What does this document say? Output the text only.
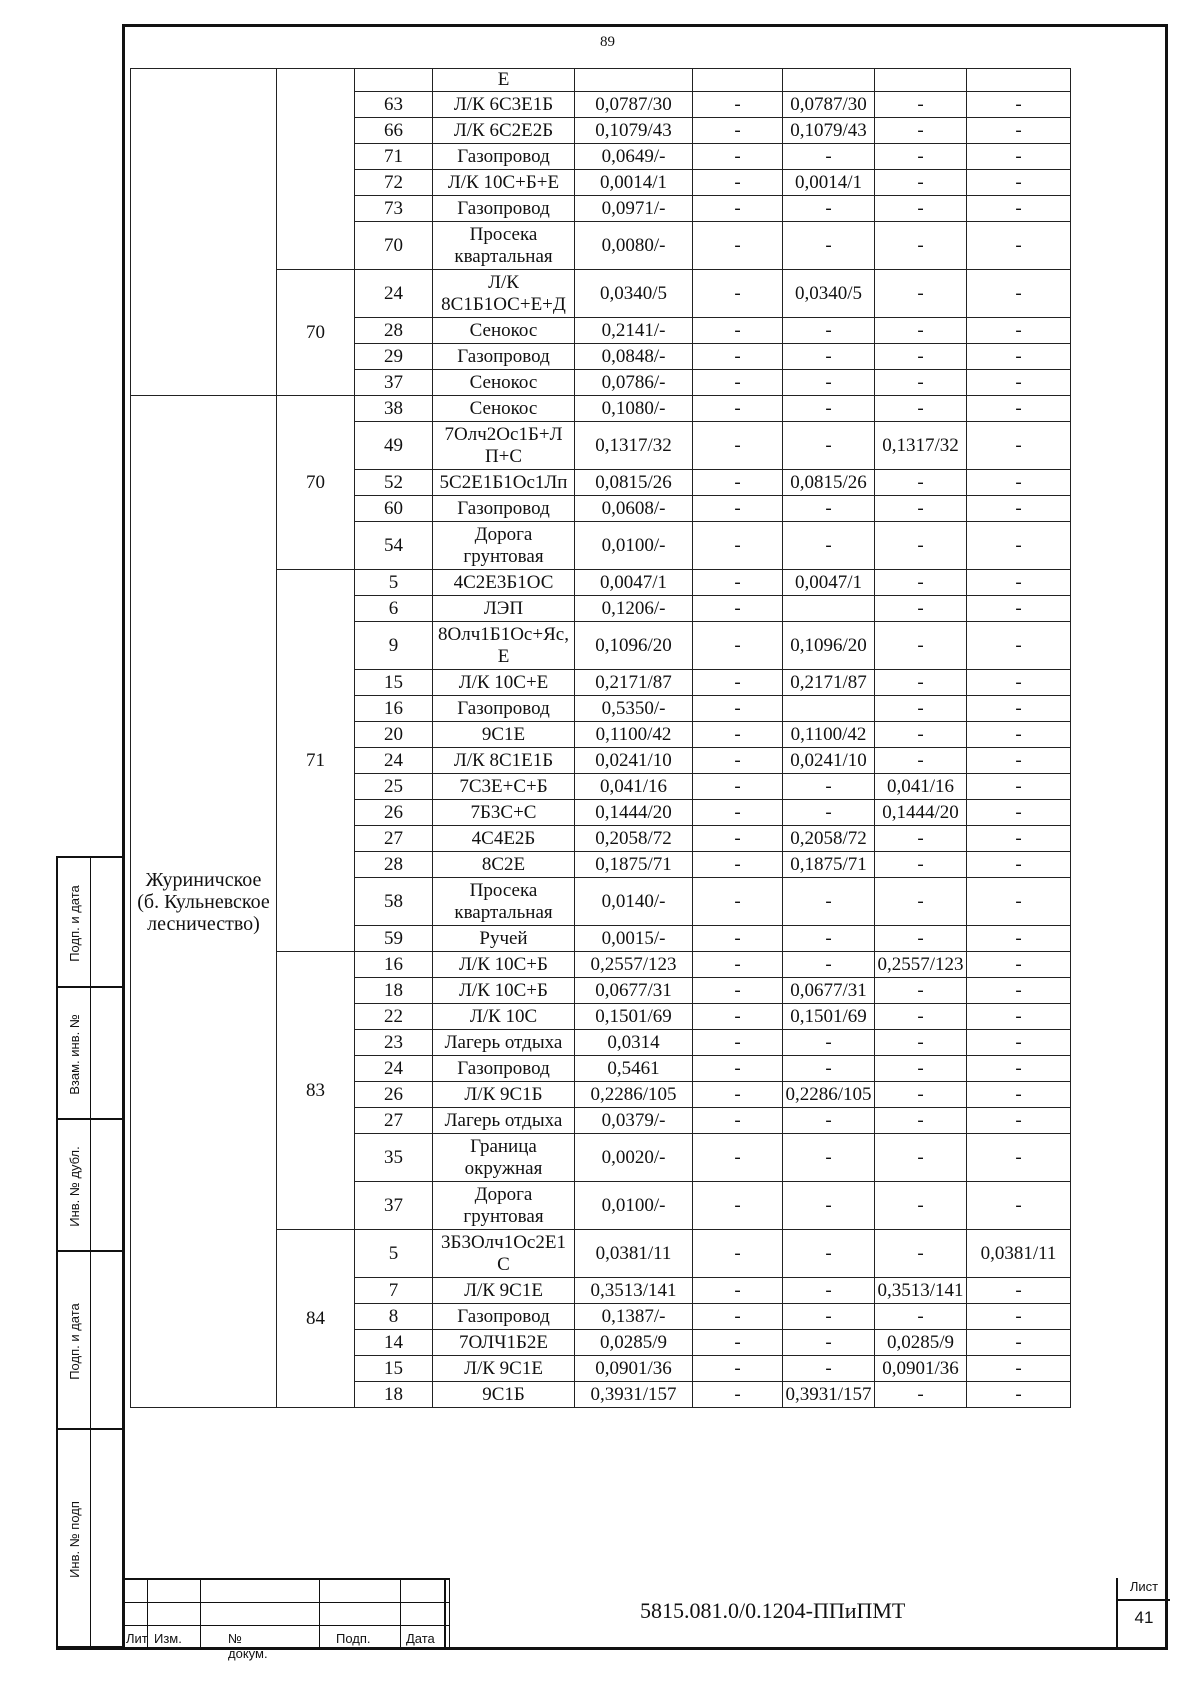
89
			Е					
		63	Л/К 6С3Е1Б	0,0787/30	-	0,0787/30	-	-
		66	Л/К 6С2Е2Б	0,1079/43	-	0,1079/43	-	-
		71	Газопровод	0,0649/-	-	-	-	-
		72	Л/К 10С+Б+Е	0,0014/1	-	0,0014/1	-	-
		73	Газопровод	0,0971/-	-	-	-	-
		70	Просека квартальная	0,0080/-	-	-	-	-
	70	24	Л/К 8С1Б1ОС+Е+Д	0,0340/5	-	0,0340/5	-	-
		28	Сенокос	0,2141/-	-	-	-	-
		29	Газопровод	0,0848/-	-	-	-	-
		37	Сенокос	0,0786/-	-	-	-	-
Журиничское (б. Кульневское лесничество)	70	38	Сенокос	0,1080/-	-	-	-	-
		49	7Олч2Ос1Б+Л П+С	0,1317/32	-	-	0,1317/32	-
		52	5С2Е1Б1Ос1Лп	0,0815/26	-	0,0815/26	-	-
		60	Газопровод	0,0608/-	-	-	-	-
		54	Дорога грунтовая	0,0100/-	-	-	-	-
	71	5	4С2Е3Б1ОС	0,0047/1	-	0,0047/1	-	-
		6	ЛЭП	0,1206/-	-		-	-
		9	8Олч1Б1Ос+Яс, Е	0,1096/20	-	0,1096/20	-	-
		15	Л/К 10С+Е	0,2171/87	-	0,2171/87	-	-
		16	Газопровод	0,5350/-	-		-	-
		20	9С1Е	0,1100/42	-	0,1100/42	-	-
		24	Л/К 8С1Е1Б	0,0241/10	-	0,0241/10	-	-
		25	7С3Е+С+Б	0,041/16	-	-	0,041/16	-
		26	7Б3С+С	0,1444/20	-	-	0,1444/20	-
		27	4С4Е2Б	0,2058/72	-	0,2058/72	-	-
		28	8С2Е	0,1875/71	-	0,1875/71	-	-
		58	Просека квартальная	0,0140/-	-	-	-	-
		59	Ручей	0,0015/-	-	-	-	-
	83	16	Л/К 10С+Б	0,2557/123	-	-	0,2557/123	-
		18	Л/К 10С+Б	0,0677/31	-	0,0677/31	-	-
		22	Л/К 10С	0,1501/69	-	0,1501/69	-	-
		23	Лагерь отдыха	0,0314	-	-	-	-
		24	Газопровод	0,5461	-	-	-	-
		26	Л/К 9С1Б	0,2286/105	-	0,2286/105	-	-
		27	Лагерь отдыха	0,0379/-	-	-	-	-
		35	Граница окружная	0,0020/-	-	-	-	-
		37	Дорога грунтовая	0,0100/-	-	-	-	-
	84	5	3Б3Олч1Ос2Е1 С	0,0381/11	-	-	-	0,0381/11
		7	Л/К 9С1Е	0,3513/141	-	-	0,3513/141	-
		8	Газопровод	0,1387/-	-	-	-	-
		14	7ОЛЧ1Б2Е	0,0285/9	-	-	0,0285/9	-
		15	Л/К 9С1Е	0,0901/36	-	-	0,0901/36	-
		18	9С1Б	0,3931/157	-	0,3931/157	-	-
Подп. и дата
Взам. инв. №
Инв. № дубл.
Подп. и дата
Инв. № подп

Лит Изм.	№ докум.
Подп.	Дата
5815.081.0/0.1204-ППиПМТ
Лист
41
